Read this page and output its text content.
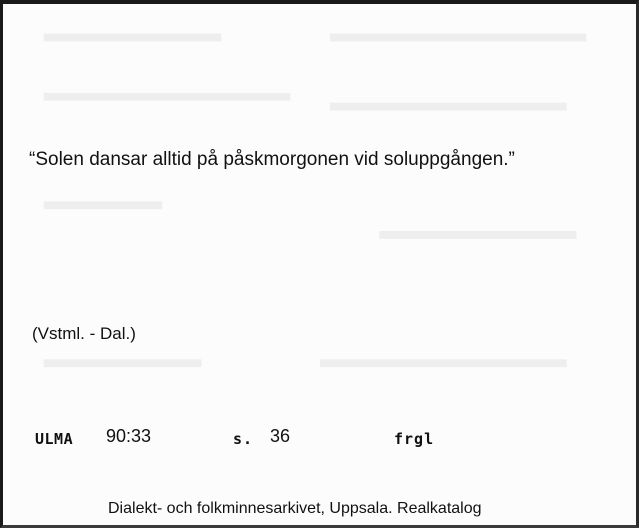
“Solen dansar alltid på påskmorgonen vid soluppgången.”
(Vstml. - Dal.)
ULMA 90:33	s. 36	frgl
Dialekt- och folkminnesarkivet, Uppsala. Realkatalog
